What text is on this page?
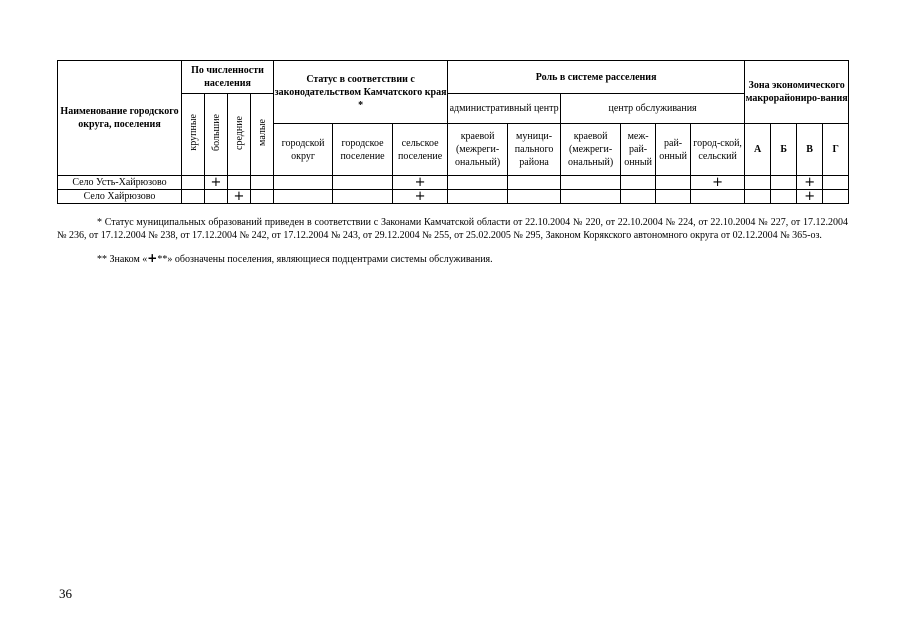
Наименование городского округа, поселения	По численности населения				Статус в соответствии с законодательством Камчатского края *			Роль в системе расселения						Зона экономического макрорайониро-вания			
	крупные	большие	средние	малые				административный центр		центр обслуживания							
					городской округ	городское поселение	сельское поселение	краевой (межреги-ональный)	муници-пального района	краевой (межреги-ональный)	меж-рай-онный	рай-онный	город-ской, сельский	А	Б	В	Г
Село Усть-Хайрюзово		+					+						+			+	
Село Хайрюзово			+				+									+	

* Статус муниципальных образований приведен в соответствии с Законами Камчатской области от 22.10.2004 № 220, от 22.10.2004 № 224, от 22.10.2004 № 227, от 17.12.2004 № 236, от 17.12.2004 № 238, от 17.12.2004 № 242, от 17.12.2004 № 243, от 29.12.2004 № 255, от 25.02.2005 № 295, Законом Корякского автономного округа от 02.12.2004 № 365-оз.

** Знаком «+**» обозначены поселения, являющиеся подцентрами системы обслуживания.

36
